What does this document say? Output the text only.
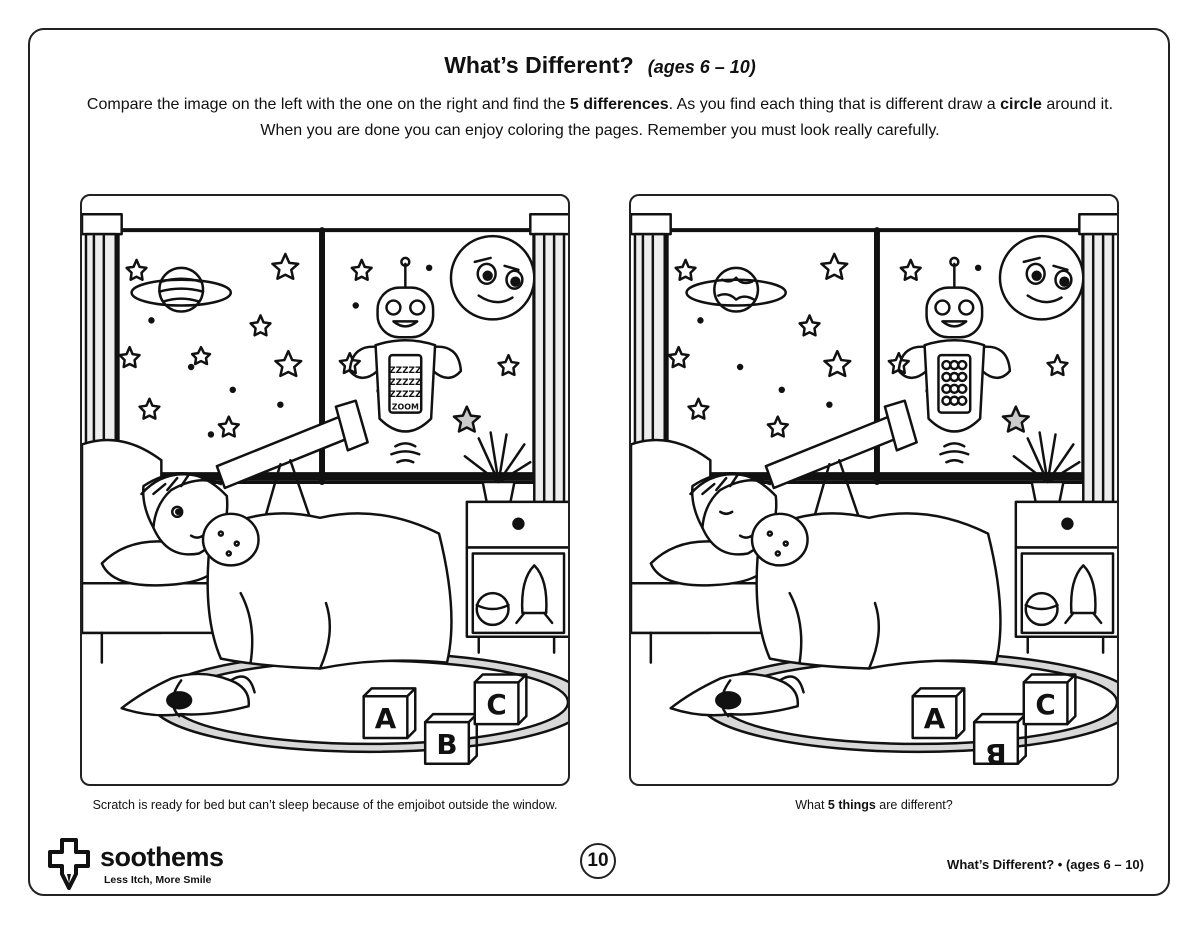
What’s Different? (ages 6 – 10)
Compare the image on the left with the one on the right and find the 5 differences. As you find each thing that is different draw a circle around it. When you are done you can enjoy coloring the pages. Remember you must look really carefully.
ZZZZZ
ZZZZZ
ZZZZZ
ZOOM
A
B
C	A
B
C
Scratch is ready for bed but can’t sleep because of the emjoibot outside the window.	What 5 things are different?
soothems
Less Itch, More Smile
10	What’s Different? • (ages 6 – 10)
